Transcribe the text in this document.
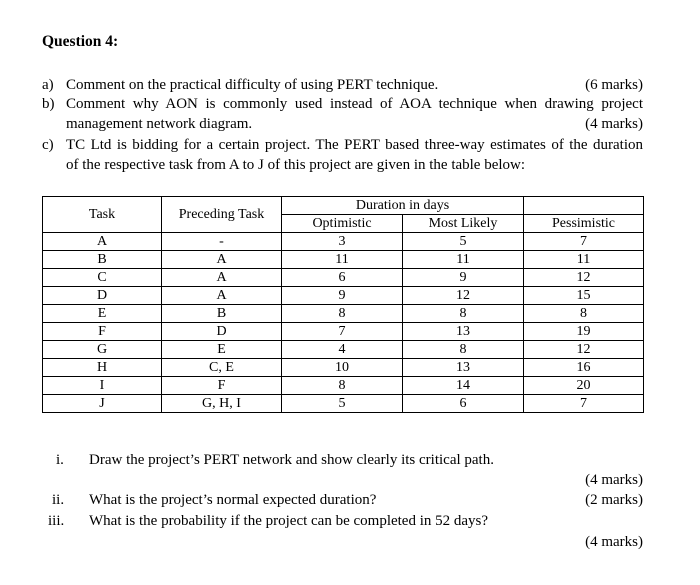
Question 4:
a) Comment on the practical difficulty of using PERT technique.	(6 marks)
b) Comment why AON is commonly used instead of AOA technique when drawing project
management network diagram.	(4 marks)
c) TC Ltd is bidding for a certain project. The PERT based three-way estimates of the duration
of the respective task from A to J of this project are given in the table below:
Task	Preceding Task	Duration in days		
		Optimistic	Most Likely	Pessimistic
A	-	3	5	7
B	A	11	11	11
C	A	6	9	12
D	A	9	12	15
E	B	8	8	8
F	D	7	13	19
G	E	4	8	12
H	C, E	10	13	16
I	F	8	14	20
J	G, H, I	5	6	7
i. Draw the project’s PERT network and show clearly its critical path.
(4 marks)
ii. What is the project’s normal expected duration?	(2 marks)
iii. What is the probability if the project can be completed in 52 days?
(4 marks)
